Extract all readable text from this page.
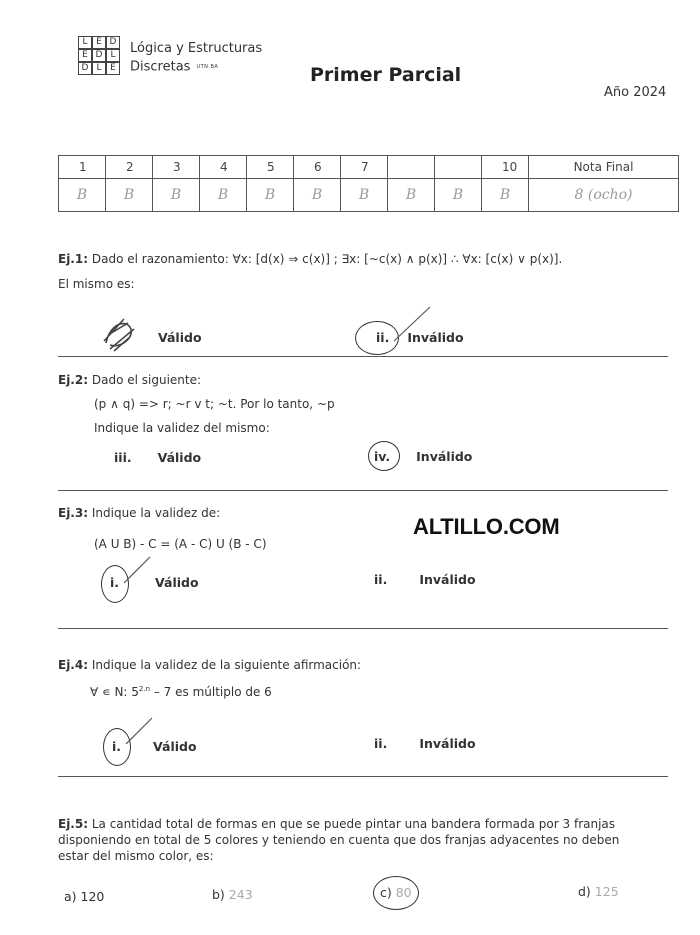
L E D
E D L
D L E
Lógica y Estructuras
Discretas UTN.BA	Primer Parcial
Año 2024
1	2	3	4	5	6	7			10	Nota Final
B	B	B	B	B	B	B	B	B	B	8 (ocho)
Ej.1: Dado el razonamiento: ∀x: [d(x) ⇒ c(x)] ; ∃x: [~c(x) ∧ p(x)] ∴ ∀x: [c(x) ∨ p(x)].
El mismo es:
Válido	ii. Inválido
Ej.2: Dado el siguiente:
(p ∧ q) => r; ~r v t; ~t. Por lo tanto, ~p
Indique la validez del mismo:
iii. Válido	iv. Inválido
Ej.3: Indique la validez de:
(A U B) - C = (A - C) U (B - C)
ALTILLO.COM
i.	Válido	ii.	Inválido
Ej.4: Indique la validez de la siguiente afirmación:
∀ ∊ N: $5^{2.n} - 7$ es múltiplo de 6
i.	Válido	ii.	Inválido
Ej.5: La cantidad total de formas en que se puede pintar una bandera formada por 3 franjas
disponiendo en total de 5 colores y teniendo en cuenta que dos franjas adyacentes no deben
estar del mismo color, es:
a) 120	b) 243	c) 80	d) 125
